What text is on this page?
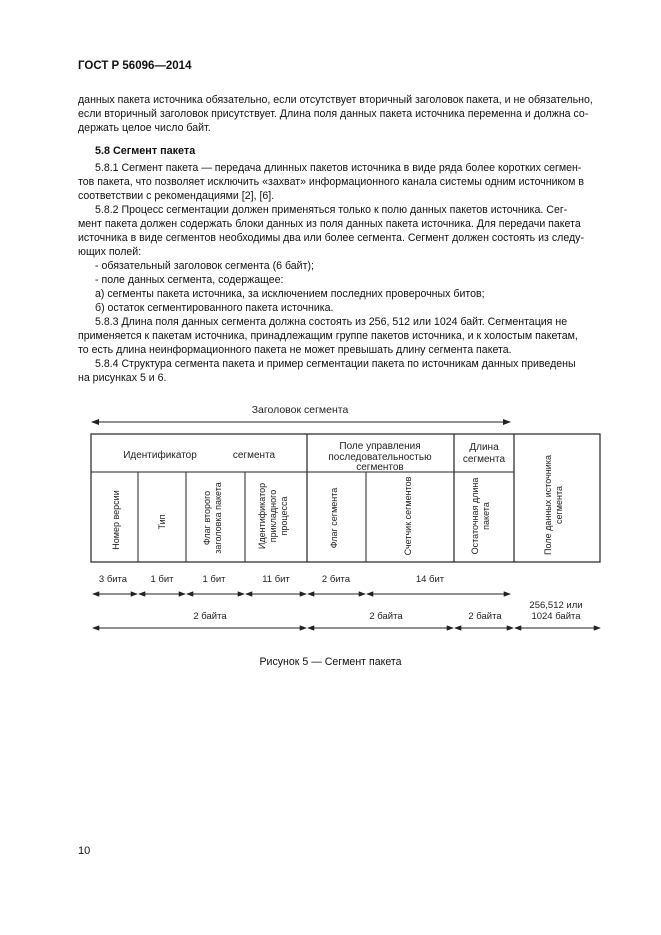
ГОСТ Р 56096—2014
данных пакета источника обязательно, если отсутствует вторичный заголовок пакета, и не обязательно,
если вторичный заголовок присутствует. Длина поля данных пакета источника переменна и должна со-
держать целое число байт.
5.8 Сегмент пакета
5.8.1 Сегмент пакета — передача длинных пакетов источника в виде ряда более коротких сегмен-
тов пакета, что позволяет исключить «захват» информационного канала системы одним источником в
соответствии с рекомендациями [2], [6].
5.8.2 Процесс сегментации должен применяться только к полю данных пакетов источника. Сег-
мент пакета должен содержать блоки данных из поля данных пакета источника. Для передачи пакета
источника в виде сегментов необходимы два или более сегмента. Сегмент должен состоять из следу-
ющих полей:
- обязательный заголовок сегмента (6 байт);
- поле данных сегмента, содержащее:
а) сегменты пакета источника, за исключением последних проверочных битов;
б) остаток сегментированного пакета источника.
5.8.3 Длина поля данных сегмента должна состоять из 256, 512 или 1024 байт. Сегментация не
применяется к пакетам источника, принадлежащим группе пакетов источника, и к холостым пакетам,
то есть длина неинформационного пакета не может превышать длину сегмента пакета.
5.8.4 Структура сегмента пакета и пример сегментации пакета по источникам данных приведены
на рисунках 5 и 6.
Заголовок сегмента
Идентификатор	сегмента
Поле управления
последовательностью
сегментов
Длина
сегмента
Номер версии	Тип	Флаг второго заголовка пакета	Идентификатор прикладного процесса	Флаг сегмента	Счетчик сегментов	Остаточная длина пакета	Поле данных источника сегмента
3 бита 1 бит	1 бит	11 бит	2 бита	14 бит
2 байта	2 байта	2 байта
256,512 или
1024 байта
Рисунок 5 — Сегмент пакета
10
